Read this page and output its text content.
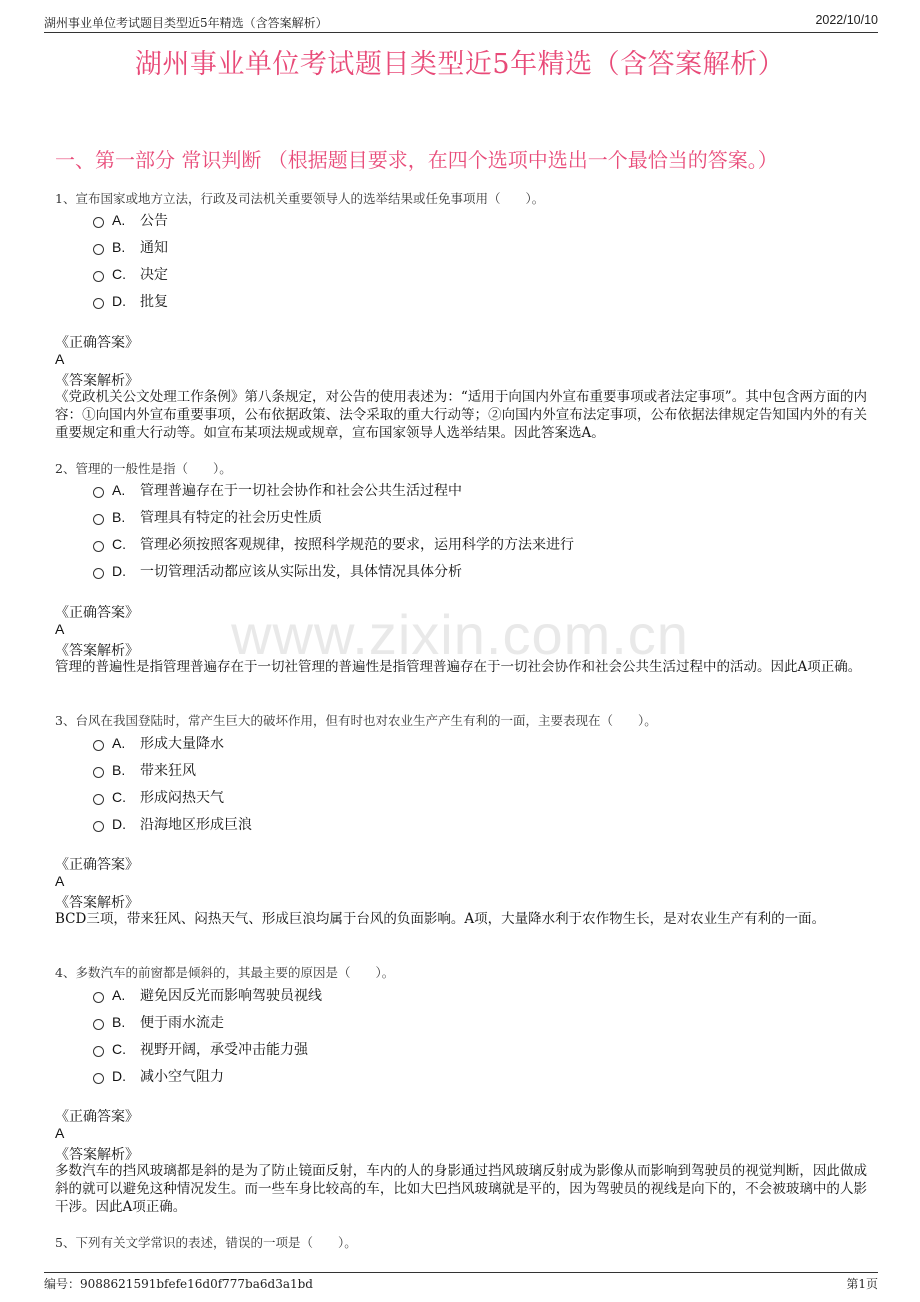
湖州事业单位考试题目类型近5年精选（含答案解析）	2022/10/10
湖州事业单位考试题目类型近5年精选（含答案解析）
一、第一部分 常识判断 （根据题目要求，在四个选项中选出一个最恰当的答案。）
www.zixin.com.cn
1、宣布国家或地方立法，行政及司法机关重要领导人的选举结果或任免事项用（　　）。
A. 公告
B. 通知
C. 决定
D. 批复
《正确答案》
A
《答案解析》
《党政机关公文处理工作条例》第八条规定，对公告的使用表述为：“适用于向国内外宣布重要事项或者法定事项”。其中包含两方面的内容：①向国内外宣布重要事项，公布依据政策、法令采取的重大行动等；②向国内外宣布法定事项，公布依据法律规定告知国内外的有关重要规定和重大行动等。如宣布某项法规或规章，宣布国家领导人选举结果。因此答案选A。
2、管理的一般性是指（　　）。
A. 管理普遍存在于一切社会协作和社会公共生活过程中
B. 管理具有特定的社会历史性质
C. 管理必须按照客观规律，按照科学规范的要求，运用科学的方法来进行
D. 一切管理活动都应该从实际出发，具体情况具体分析
《正确答案》
A
《答案解析》
管理的普遍性是指管理普遍存在于一切社管理的普遍性是指管理普遍存在于一切社会协作和社会公共生活过程中的活动。因此A项正确。
3、台风在我国登陆时，常产生巨大的破坏作用，但有时也对农业生产产生有利的一面，主要表现在（　　）。
A. 形成大量降水
B. 带来狂风
C. 形成闷热天气
D. 沿海地区形成巨浪
《正确答案》
A
《答案解析》
BCD三项，带来狂风、闷热天气、形成巨浪均属于台风的负面影响。A项，大量降水利于农作物生长，是对农业生产有利的一面。
4、多数汽车的前窗都是倾斜的，其最主要的原因是（　　）。
A. 避免因反光而影响驾驶员视线
B. 便于雨水流走
C. 视野开阔，承受冲击能力强
D. 减小空气阻力
《正确答案》
A
《答案解析》
多数汽车的挡风玻璃都是斜的是为了防止镜面反射，车内的人的身影通过挡风玻璃反射成为影像从而影响到驾驶员的视觉判断，因此做成斜的就可以避免这种情况发生。而一些车身比较高的车，比如大巴挡风玻璃就是平的，因为驾驶员的视线是向下的，不会被玻璃中的人影干涉。因此A项正确。
5、下列有关文学常识的表述，错误的一项是（　　）。
编号：9088621591bfefe16d0f777ba6d3a1bd	第1页
